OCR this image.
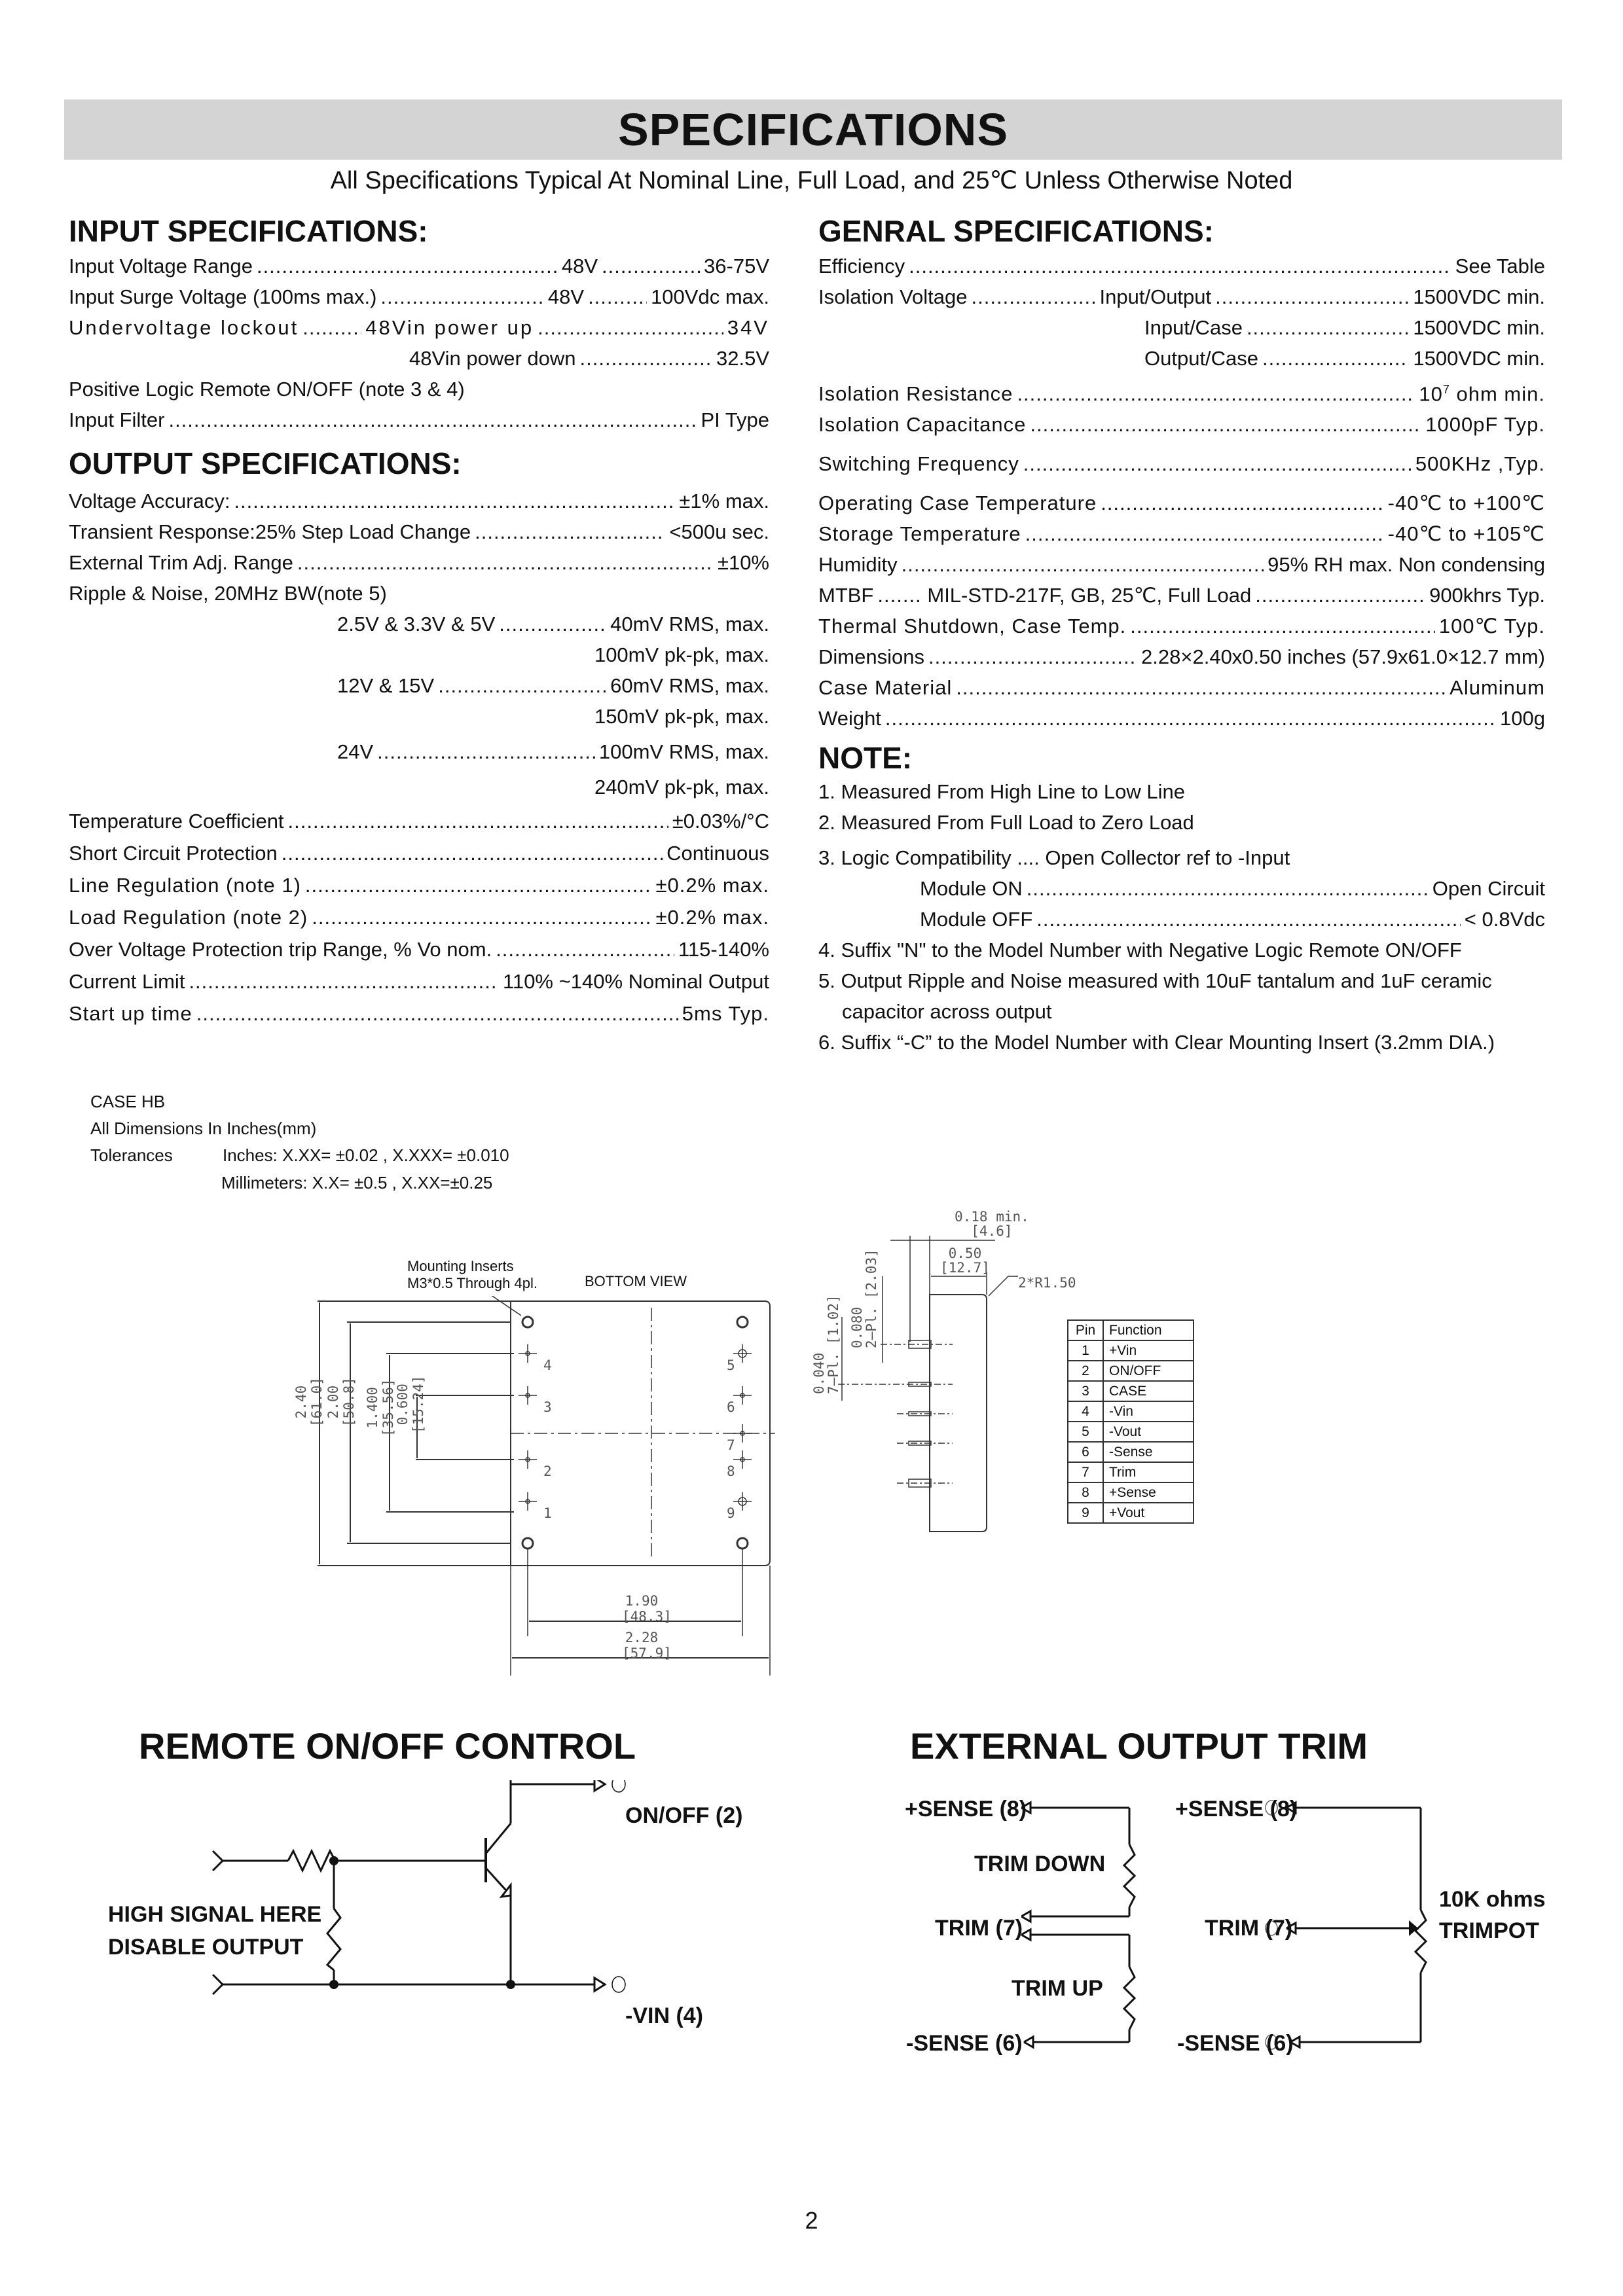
SPECIFICATIONS
All Specifications Typical At Nominal Line, Full Load, and 25℃ Unless Otherwise Noted
INPUT SPECIFICATIONS:
Input Voltage Range .....	48V .....	36-75V
Input Surge Voltage (100ms max.) .....	48V .....	100Vdc max.
Undervoltage lockout .....	48Vin power up .....	34V
48Vin power down .....	32.5V
Positive Logic Remote ON/OFF (note 3 & 4)
Input Filter .....	PI Type
OUTPUT SPECIFICATIONS:
Voltage Accuracy: .....	±1% max.
Transient Response:25% Step Load Change .....	<500u sec.
External Trim Adj. Range .....	±10%
Ripple & Noise, 20MHz BW(note 5)
2.5V & 3.3V & 5V .....	40mV RMS, max.
100mV pk-pk, max.
12V & 15V .....	60mV RMS, max.
150mV pk-pk, max.
24V .....	100mV RMS, max.
240mV pk-pk, max.
Temperature Coefficient .....	±0.03%/°C
Short Circuit Protection .....	Continuous
Line Regulation (note 1) .....	±0.2% max.
Load Regulation (note 2) .....	±0.2% max.
Over Voltage Protection trip Range, % Vo nom. .....	115-140%
Current Limit .....	110% ~140% Nominal Output
Start up time .....	5ms Typ.
GENRAL SPECIFICATIONS:
Efficiency .....	See Table
Isolation Voltage .....	Input/Output .....	1500VDC min.
Input/Case .....	1500VDC min.
Output/Case .....	1500VDC min.
Isolation Resistance .....	$10^7$ ohm min.
Isolation Capacitance .....	1000pF Typ.
Switching Frequency .....	500KHz ,Typ.
Operating Case Temperature .....	-40℃ to +100℃
Storage Temperature .....	-40℃ to +105℃
Humidity .....	95% RH max. Non condensing
MTBF .....	MIL-STD-217F, GB, 25℃, Full Load .....	900khrs Typ.
Thermal Shutdown, Case Temp. .....	100℃ Typ.
Dimensions .....	2.28×2.40x0.50 inches (57.9x61.0×12.7 mm)
Case Material .....	Aluminum
Weight .....	100g
NOTE:
1. Measured From High Line to Low Line
2. Measured From Full Load to Zero Load
3. Logic Compatibility .... Open Collector ref to -Input
Module ON .....	Open Circuit
Module OFF .....	< 0.8Vdc
4. Suffix "N" to the Model Number with Negative Logic Remote ON/OFF
5. Output Ripple and Noise measured with 10uF tantalum and 1uF ceramic
capacitor across output
6. Suffix “-C” to the Model Number with Clear Mounting Insert (3.2mm DIA.)
CASE HB
All Dimensions In Inches(mm)
Tolerances	Inches: X.XX= ±0.02 , X.XXX= ±0.010
Millimeters: X.X= ±0.5 , X.XX=±0.25
Mounting Inserts
M3*0.5 Through 4pl.	BOTTOM VIEW
2.40 [61.0] 2.00 [50.8] 1.400 [35.56]
0.600 [15.24]
4
3
2
1
5
6
7
8
9
1.90
[48.3]
2.28
[57.9]
0.18 min.
[4.6]
0.50
[12.7]
2*R1.50
0.080
2—Pl. [2.03]
0.040
7—Pl. [1.02]	Pin	Function
1	+Vin
2	ON/OFF
3	CASE
4	-Vin
5	-Vout
6	-Sense
7	Trim
8	+Sense
9	+Vout
REMOTE ON/OFF CONTROL
ON/OFF (2)
-VIN (4)
HIGH SIGNAL HERE
DISABLE OUTPUT
EXTERNAL OUTPUT TRIM
+SENSE (8)
TRIM DOWN
TRIM (7)
TRIM UP
-SENSE (6)
+SENSE (8)
TRIM (7)
10K ohms
TRIMPOT
-SENSE (6)
2
